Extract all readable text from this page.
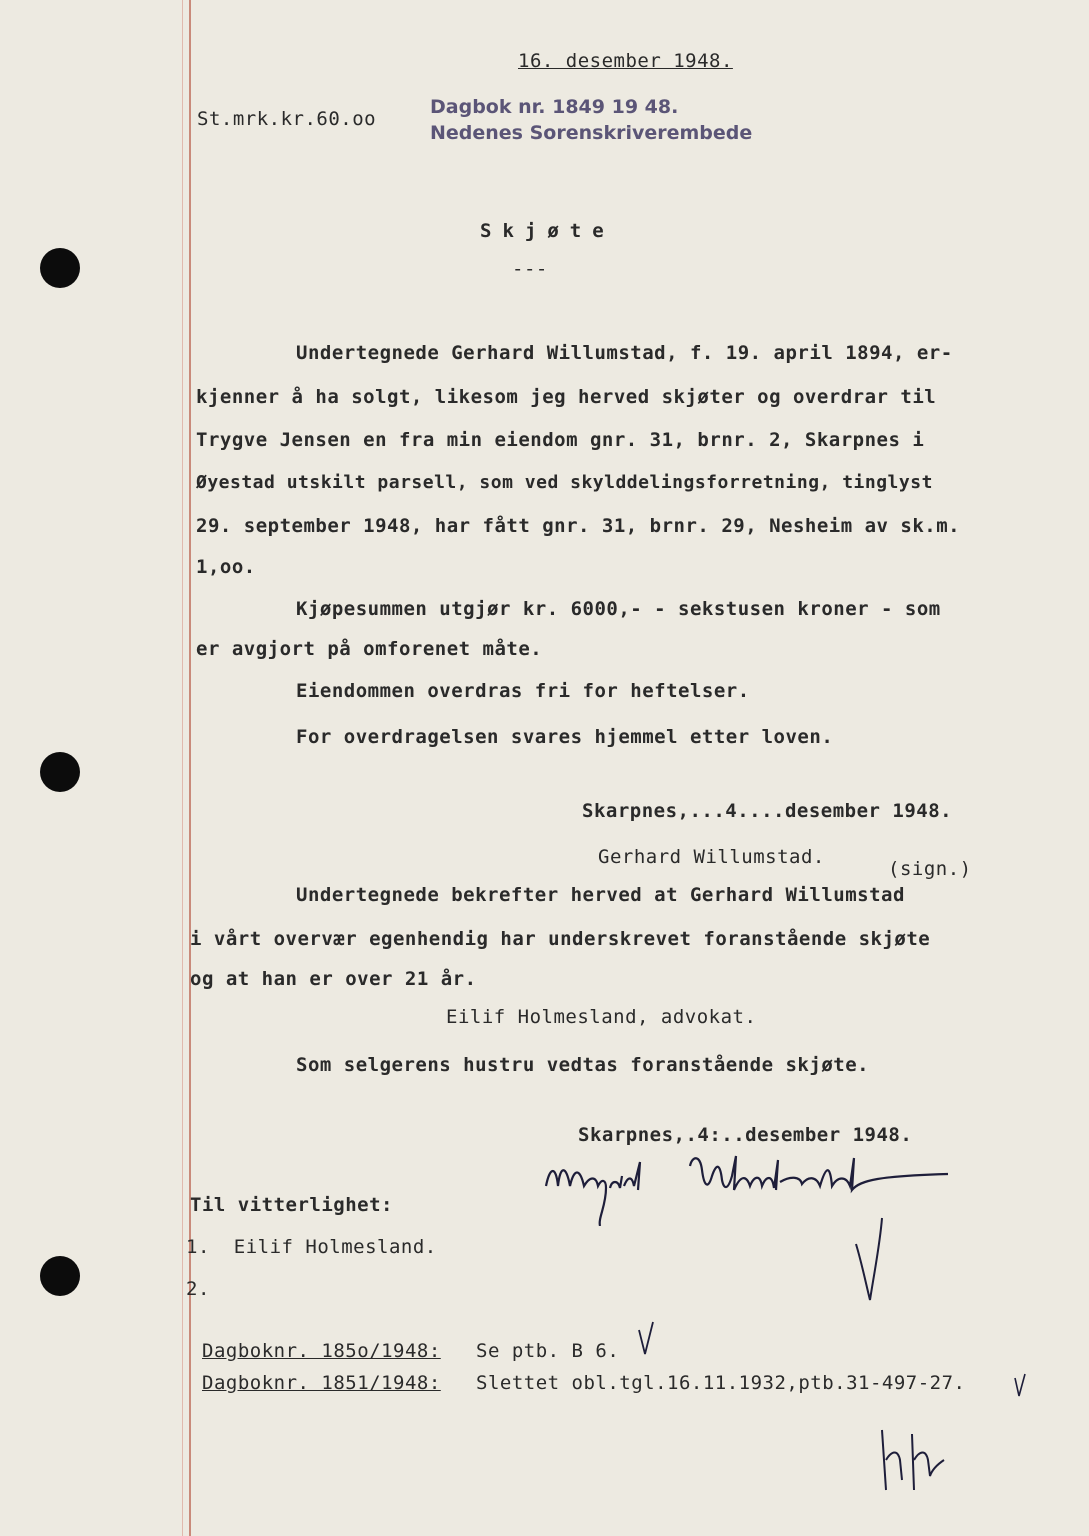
16. desember 1948.
St.mrk.kr.60.oo
Dagbok nr. 1849 19 48.
Nedenes Sorenskriverembede
Skjøte
---
Undertegnede Gerhard Willumstad, f. 19. april 1894, er-
kjenner å ha solgt, likesom jeg herved skjøter og overdrar til
Trygve Jensen en fra min eiendom gnr. 31, brnr. 2, Skarpnes i
Øyestad utskilt parsell, som ved skylddelingsforretning, tinglyst
29. september 1948, har fått gnr. 31, brnr. 29, Nesheim av sk.m.
1,oo.
Kjøpesummen utgjør kr. 6000,- - sekstusen kroner - som
er avgjort på omforenet måte.
Eiendommen overdras fri for heftelser.
For overdragelsen svares hjemmel etter loven.
Skarpnes,...4....desember 1948.
Gerhard Willumstad.
(sign.)
Undertegnede bekrefter herved at Gerhard Willumstad
i vårt overvær egenhendig har underskrevet foranstående skjøte
og at han er over 21 år.
Eilif Holmesland, advokat.
Som selgerens hustru vedtas foranstående skjøte.
Skarpnes,.4:..desember 1948.
Margit Willumstad
Til vitterlighet:
1.  Eilif Holmesland.
2.
Dagboknr. 185o/1948: Se ptb. B 6.
Dagboknr. 1851/1948: Slettet obl.tgl.16.11.1932,ptb.31-497-27.
Hh
